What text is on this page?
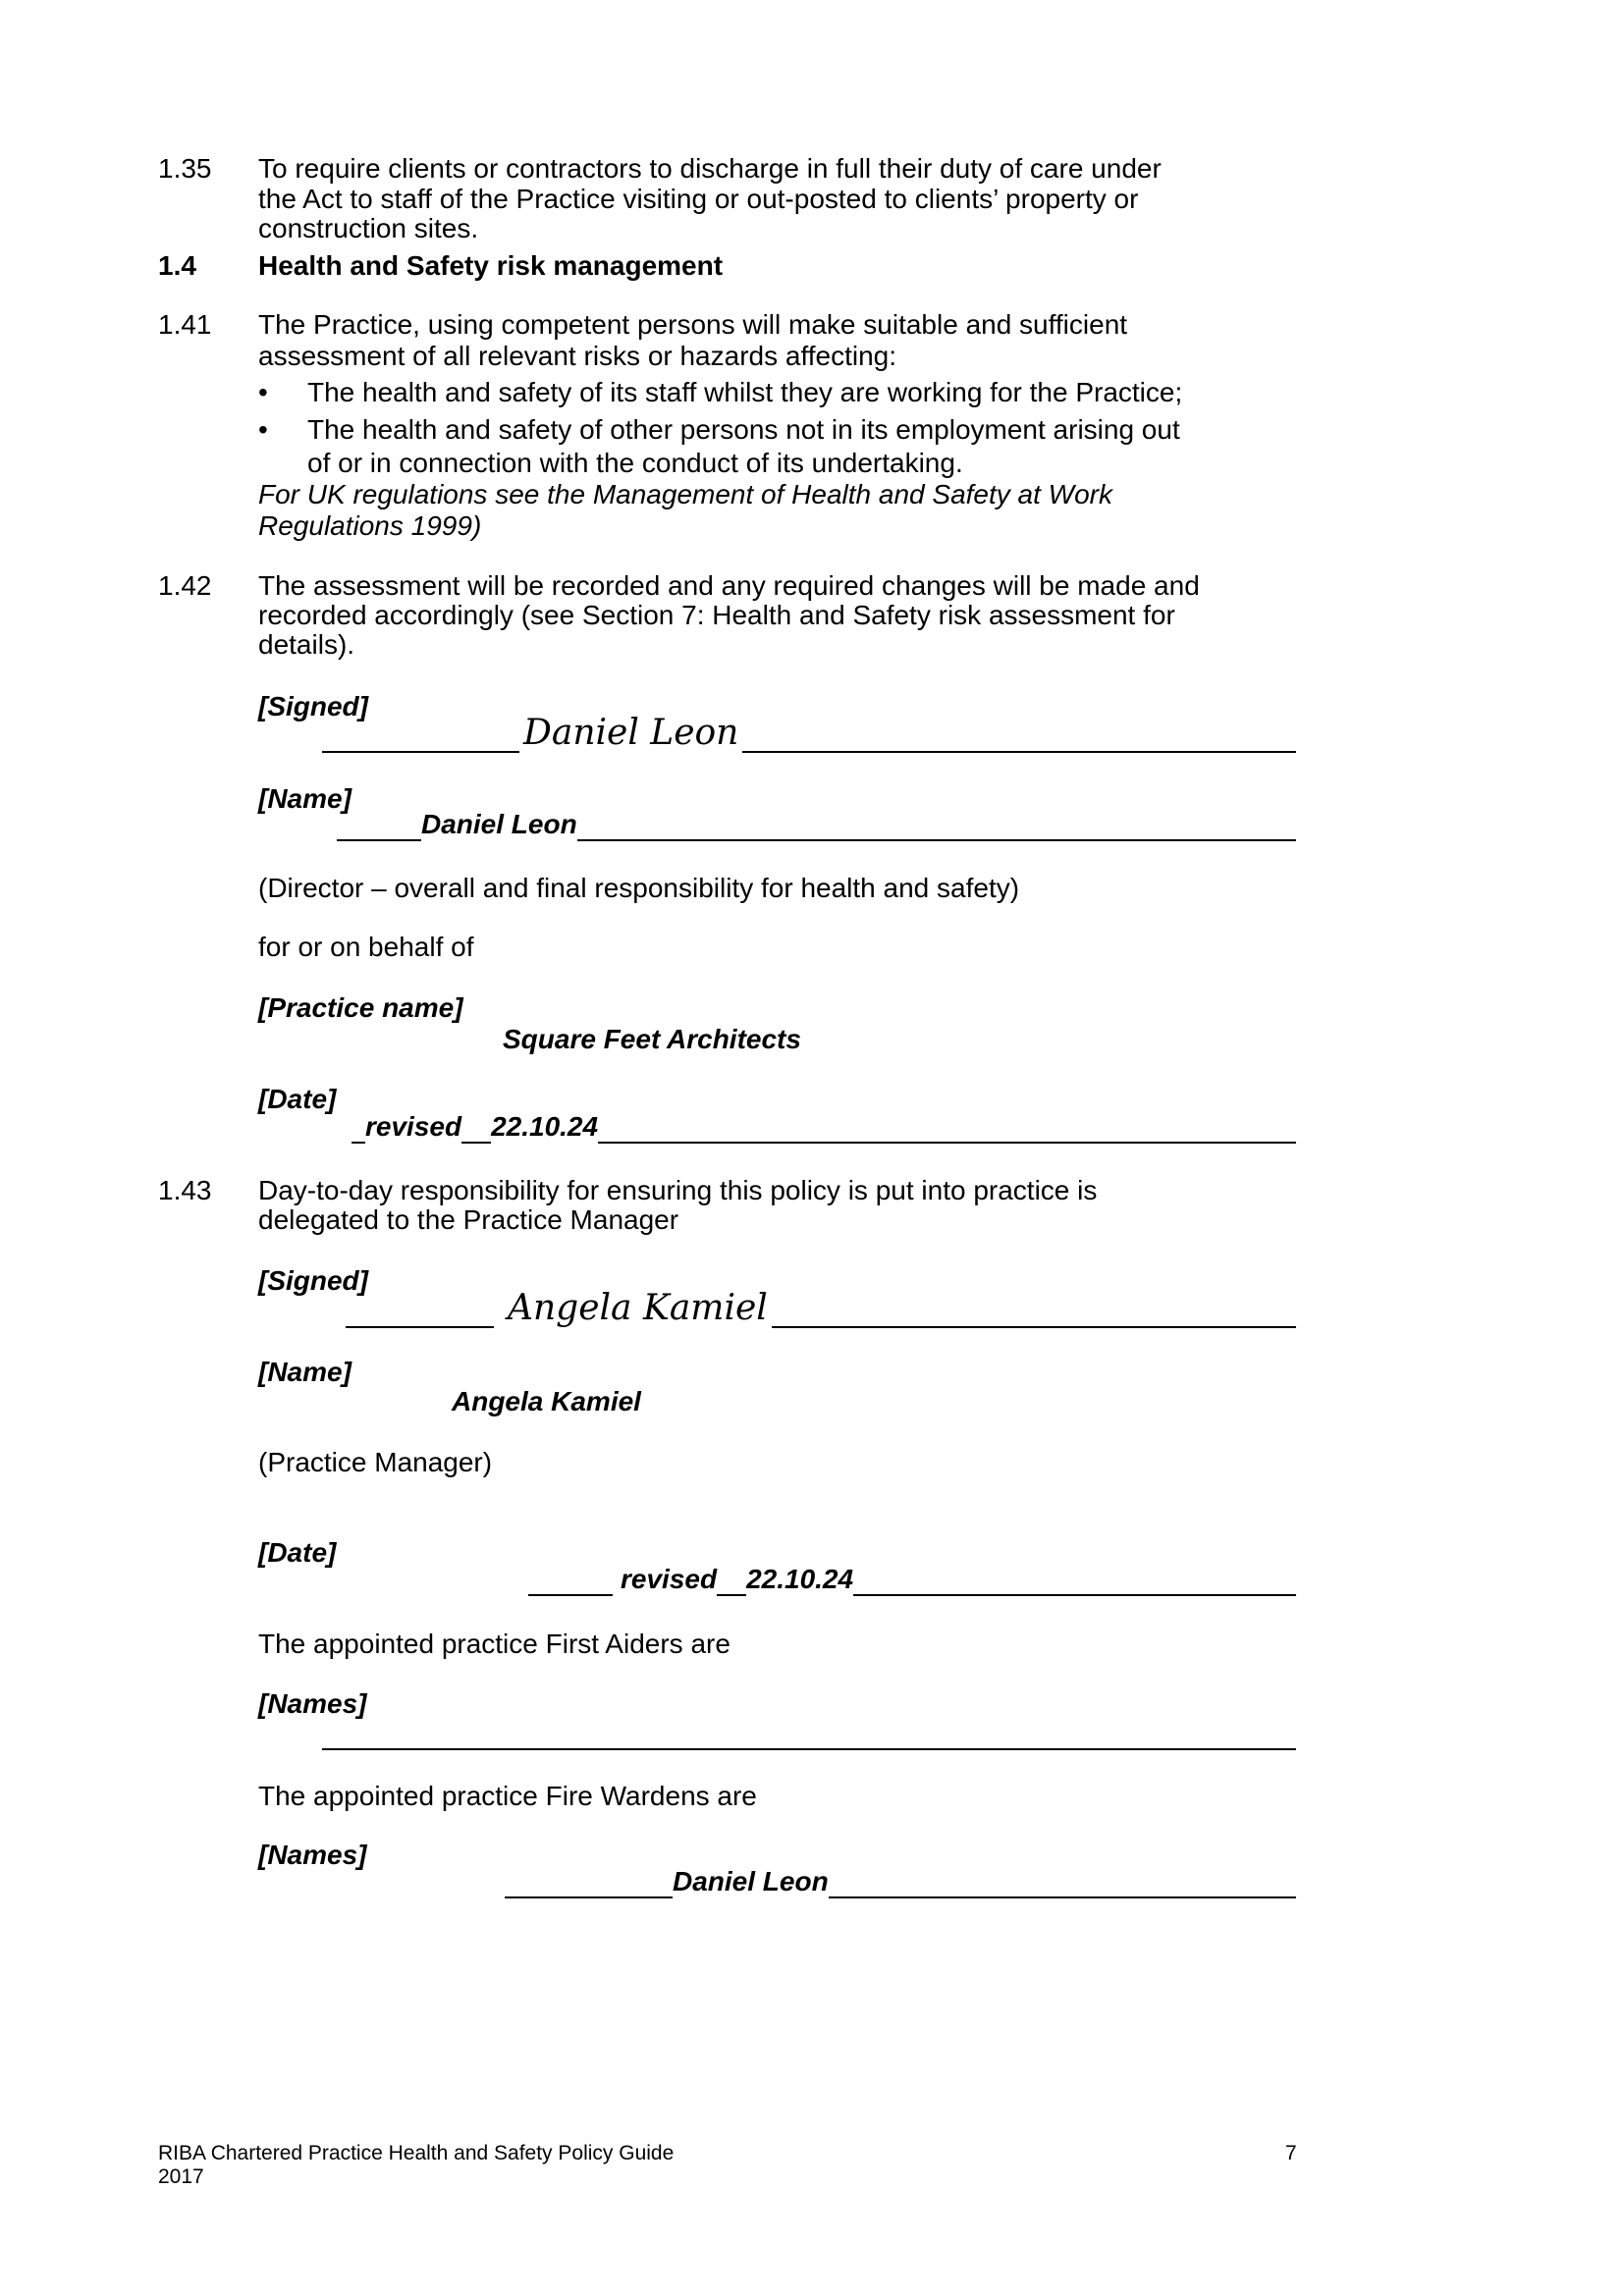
1.35 To require clients or contractors to discharge in full their duty of care under
the Act to staff of the Practice visiting or out-posted to clients’ property or
construction sites.
1.4 Health and Safety risk management
1.41 The Practice, using competent persons will make suitable and sufficient
assessment of all relevant risks or hazards affecting:
• The health and safety of its staff whilst they are working for the Practice;
• The health and safety of other persons not in its employment arising out
of or in connection with the conduct of its undertaking.
For UK regulations see the Management of Health and Safety at Work
Regulations 1999)
1.42 The assessment will be recorded and any required changes will be made and
recorded accordingly (see Section 7: Health and Safety risk assessment for
details).
[Signed]
Daniel Leon
[Name]
Daniel Leon
(Director – overall and final responsibility for health and safety)
for or on behalf of
[Practice name]
Square Feet Architects
[Date]
revised 22.10.24
1.43 Day-to-day responsibility for ensuring this policy is put into practice is
delegated to the Practice Manager
[Signed]
Angela Kamiel
[Name]
Angela Kamiel
(Practice Manager)
[Date]
revised 22.10.24
The appointed practice First Aiders are
[Names]
The appointed practice Fire Wardens are
[Names]
Daniel Leon
RIBA Chartered Practice Health and Safety Policy Guide
2017
7
